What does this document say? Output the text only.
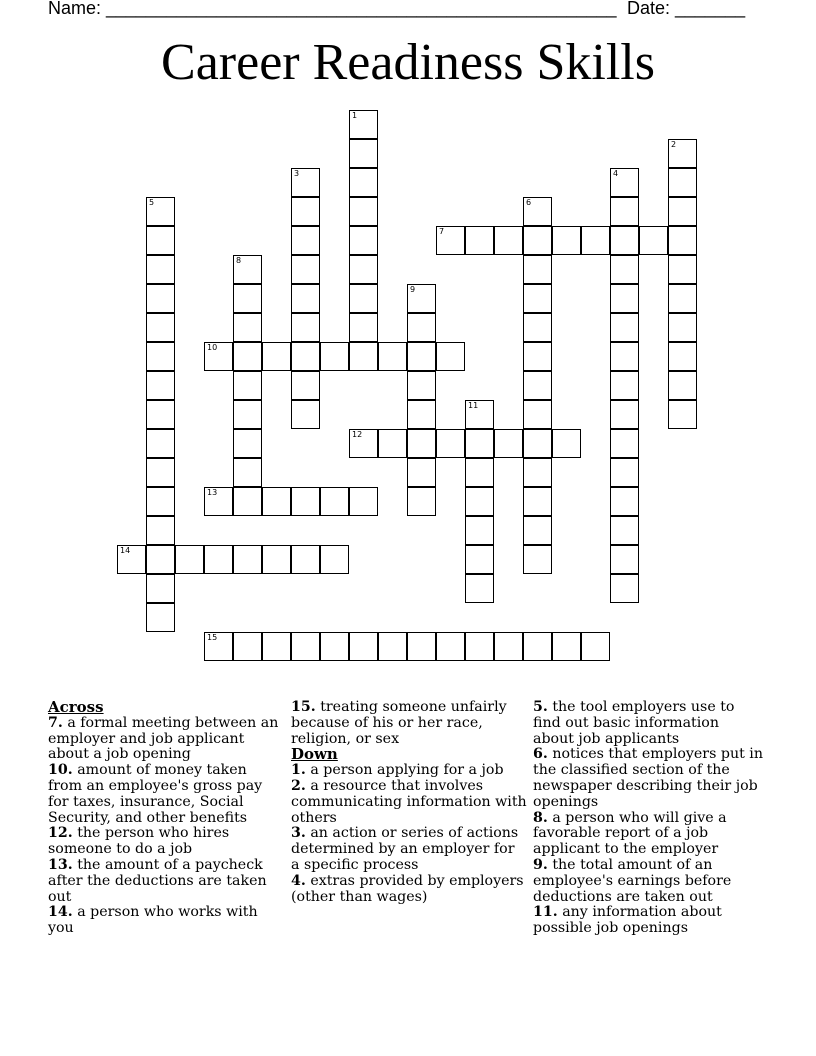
Name: ___________________________________________________ Date: _______
Career Readiness Skills
1
2
3	4
5	6
7
8
9
10
11
12
13
14
15
Across
7. a formal meeting between an employer and job applicant about a job opening
10. amount of money taken from an employee's gross pay for taxes, insurance, Social Security, and other benefits
12. the person who hires someone to do a job
13. the amount of a paycheck after the deductions are taken out
14. a person who works with you
15. treating someone unfairly because of his or her race, religion, or sex
Down
1. a person applying for a job
2. a resource that involves communicating information with others
3. an action or series of actions determined by an employer for a specific process
4. extras provided by employers (other than wages)
5. the tool employers use to find out basic information about job applicants
6. notices that employers put in the classified section of the newspaper describing their job openings
8. a person who will give a favorable report of a job applicant to the employer
9. the total amount of an employee's earnings before deductions are taken out
11. any information about possible job openings
